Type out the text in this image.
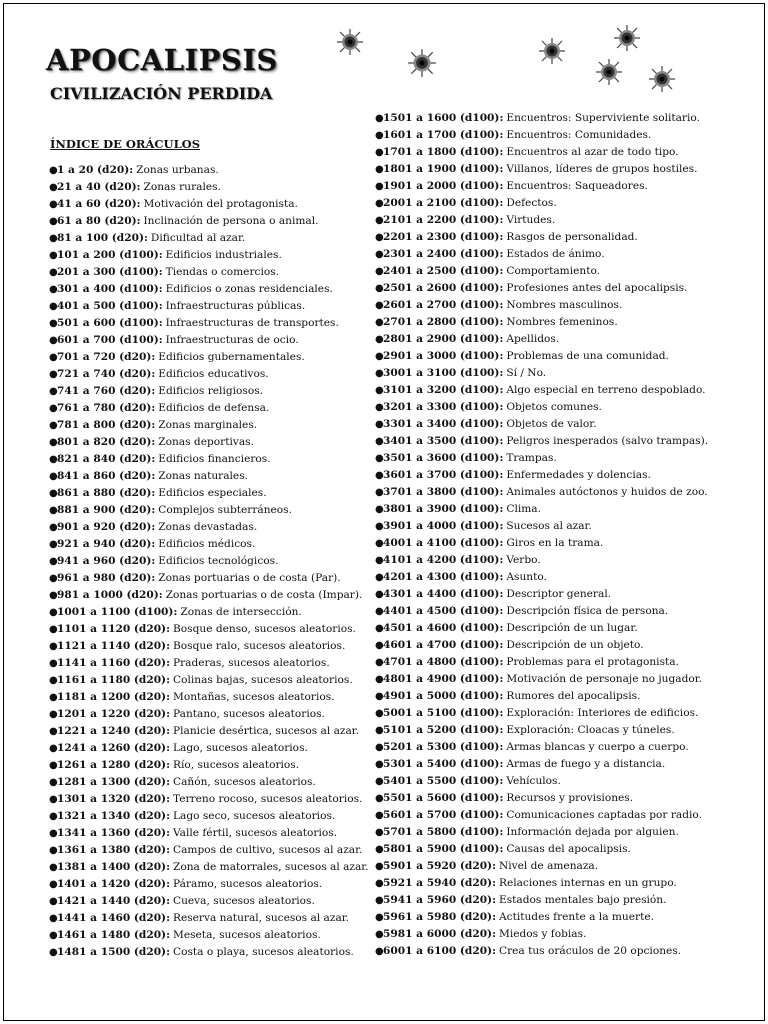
APOCALIPSIS
CIVILIZACIÓN PERDIDA
ÍNDICE DE ORÁCULOS
●1 a 20 (d20): Zonas urbanas.
●21 a 40 (d20): Zonas rurales.
●41 a 60 (d20): Motivación del protagonista.
●61 a 80 (d20): Inclinación de persona o animal.
●81 a 100 (d20): Dificultad al azar.
●101 a 200 (d100): Edificios industriales.
●201 a 300 (d100): Tiendas o comercios.
●301 a 400 (d100): Edificios o zonas residenciales.
●401 a 500 (d100): Infraestructuras públicas.
●501 a 600 (d100): Infraestructuras de transportes.
●601 a 700 (d100): Infraestructuras de ocio.
●701 a 720 (d20): Edificios gubernamentales.
●721 a 740 (d20): Edificios educativos.
●741 a 760 (d20): Edificios religiosos.
●761 a 780 (d20): Edificios de defensa.
●781 a 800 (d20): Zonas marginales.
●801 a 820 (d20): Zonas deportivas.
●821 a 840 (d20): Edificios financieros.
●841 a 860 (d20): Zonas naturales.
●861 a 880 (d20): Edificios especiales.
●881 a 900 (d20): Complejos subterráneos.
●901 a 920 (d20): Zonas devastadas.
●921 a 940 (d20): Edificios médicos.
●941 a 960 (d20): Edificios tecnológicos.
●961 a 980 (d20): Zonas portuarias o de costa (Par).
●981 a 1000 (d20): Zonas portuarias o de costa (Impar).
●1001 a 1100 (d100): Zonas de intersección.
●1101 a 1120 (d20): Bosque denso, sucesos aleatorios.
●1121 a 1140 (d20): Bosque ralo, sucesos aleatorios.
●1141 a 1160 (d20): Praderas, sucesos aleatorios.
●1161 a 1180 (d20): Colinas bajas, sucesos aleatorios.
●1181 a 1200 (d20): Montañas, sucesos aleatorios.
●1201 a 1220 (d20): Pantano, sucesos aleatorios.
●1221 a 1240 (d20): Planicie desértica, sucesos al azar.
●1241 a 1260 (d20): Lago, sucesos aleatorios.
●1261 a 1280 (d20): Río, sucesos aleatorios.
●1281 a 1300 (d20): Cañón, sucesos aleatorios.
●1301 a 1320 (d20): Terreno rocoso, sucesos aleatorios.
●1321 a 1340 (d20): Lago seco, sucesos aleatorios.
●1341 a 1360 (d20): Valle fértil, sucesos aleatorios.
●1361 a 1380 (d20): Campos de cultivo, sucesos al azar.
●1381 a 1400 (d20): Zona de matorrales, sucesos al azar.
●1401 a 1420 (d20): Páramo, sucesos aleatorios.
●1421 a 1440 (d20): Cueva, sucesos aleatorios.
●1441 a 1460 (d20): Reserva natural, sucesos al azar.
●1461 a 1480 (d20): Meseta, sucesos aleatorios.
●1481 a 1500 (d20): Costa o playa, sucesos aleatorios.
●1501 a 1600 (d100): Encuentros: Superviviente solitario.
●1601 a 1700 (d100): Encuentros: Comunidades.
●1701 a 1800 (d100): Encuentros al azar de todo tipo.
●1801 a 1900 (d100): Villanos, líderes de grupos hostiles.
●1901 a 2000 (d100): Encuentros: Saqueadores.
●2001 a 2100 (d100): Defectos.
●2101 a 2200 (d100): Virtudes.
●2201 a 2300 (d100): Rasgos de personalidad.
●2301 a 2400 (d100): Estados de ánimo.
●2401 a 2500 (d100): Comportamiento.
●2501 a 2600 (d100): Profesiones antes del apocalipsis.
●2601 a 2700 (d100): Nombres masculinos.
●2701 a 2800 (d100): Nombres femeninos.
●2801 a 2900 (d100): Apellidos.
●2901 a 3000 (d100): Problemas de una comunidad.
●3001 a 3100 (d100): Sí / No.
●3101 a 3200 (d100): Algo especial en terreno despoblado.
●3201 a 3300 (d100): Objetos comunes.
●3301 a 3400 (d100): Objetos de valor.
●3401 a 3500 (d100): Peligros inesperados (salvo trampas).
●3501 a 3600 (d100): Trampas.
●3601 a 3700 (d100): Enfermedades y dolencias.
●3701 a 3800 (d100): Animales autóctonos y huidos de zoo.
●3801 a 3900 (d100): Clima.
●3901 a 4000 (d100): Sucesos al azar.
●4001 a 4100 (d100): Giros en la trama.
●4101 a 4200 (d100): Verbo.
●4201 a 4300 (d100): Asunto.
●4301 a 4400 (d100): Descriptor general.
●4401 a 4500 (d100): Descripción física de persona.
●4501 a 4600 (d100): Descripción de un lugar.
●4601 a 4700 (d100): Descripción de un objeto.
●4701 a 4800 (d100): Problemas para el protagonista.
●4801 a 4900 (d100): Motivación de personaje no jugador.
●4901 a 5000 (d100): Rumores del apocalipsis.
●5001 a 5100 (d100): Exploración: Interiores de edificios.
●5101 a 5200 (d100): Exploración: Cloacas y túneles.
●5201 a 5300 (d100): Armas blancas y cuerpo a cuerpo.
●5301 a 5400 (d100): Armas de fuego y a distancia.
●5401 a 5500 (d100): Vehículos.
●5501 a 5600 (d100): Recursos y provisiones.
●5601 a 5700 (d100): Comunicaciones captadas por radio.
●5701 a 5800 (d100): Información dejada por alguien.
●5801 a 5900 (d100): Causas del apocalipsis.
●5901 a 5920 (d20): Nivel de amenaza.
●5921 a 5940 (d20): Relaciones internas en un grupo.
●5941 a 5960 (d20): Estados mentales bajo presión.
●5961 a 5980 (d20): Actitudes frente a la muerte.
●5981 a 6000 (d20): Miedos y fobias.
●6001 a 6100 (d20): Crea tus oráculos de 20 opciones.
